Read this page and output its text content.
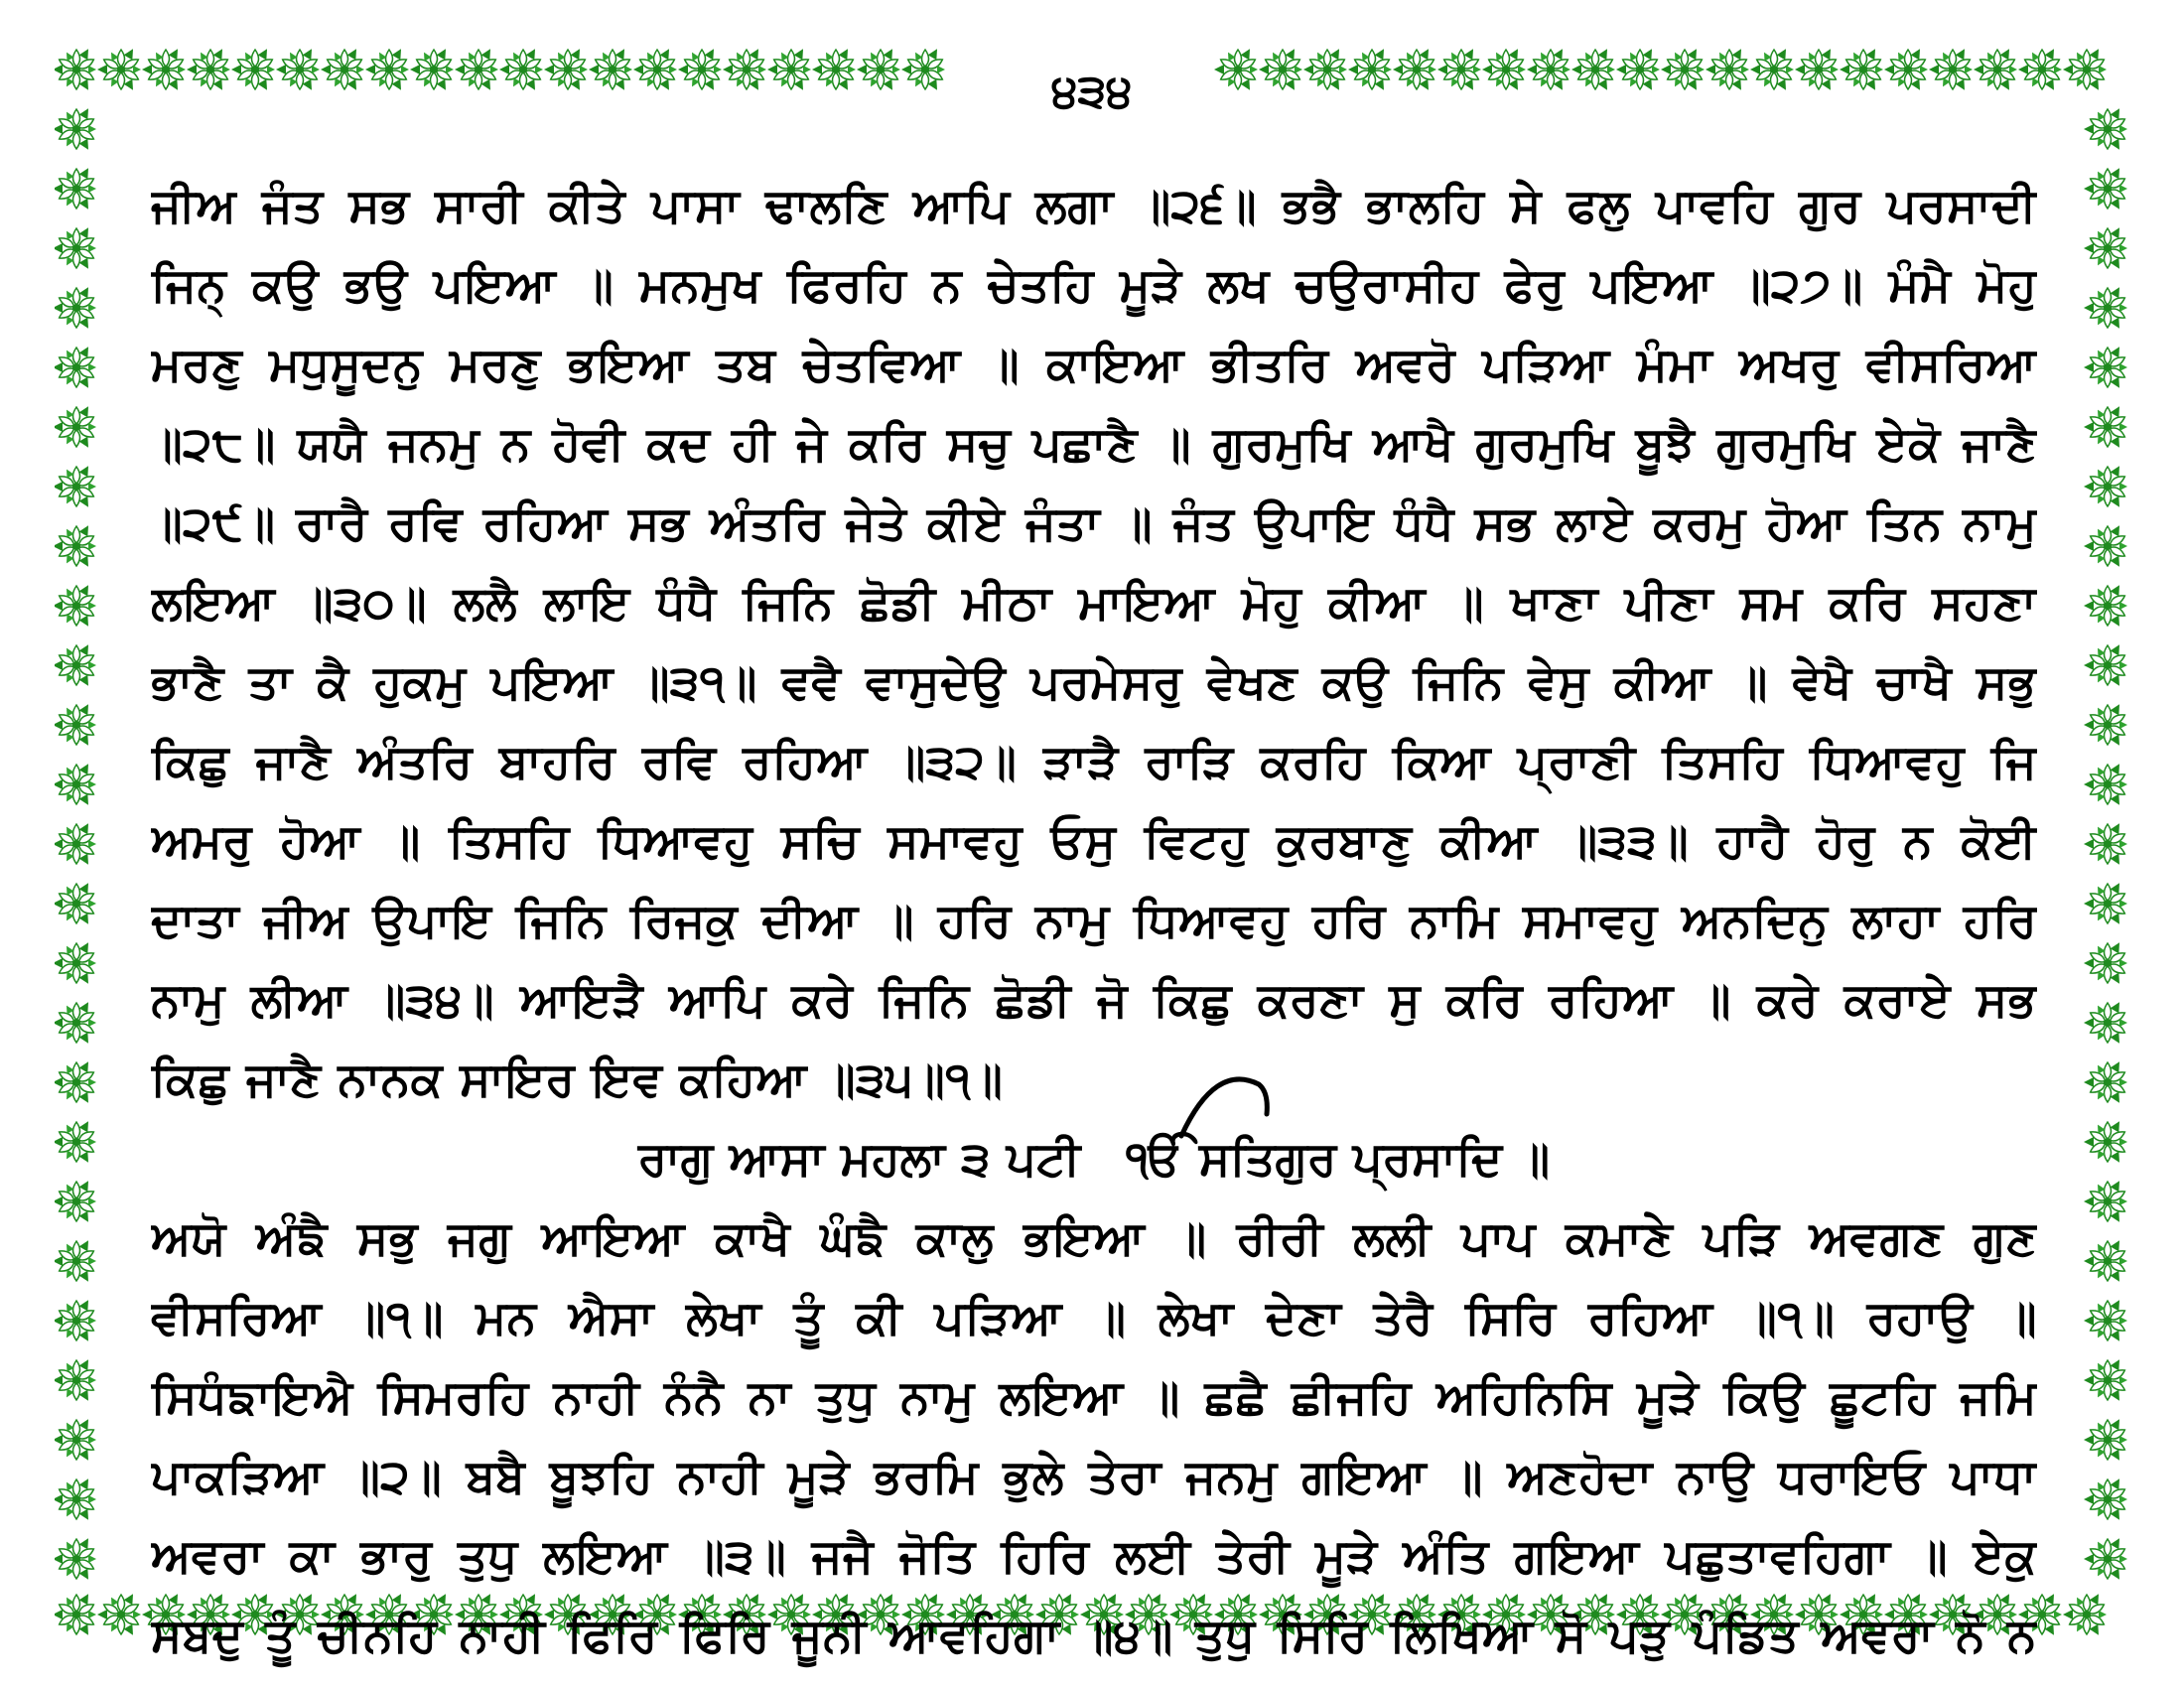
੪੩੪
ਜੀਅ ਜੰਤ ਸਭ ਸਾਰੀ ਕੀਤੇ ਪਾਸਾ ਢਾਲਣਿ ਆਪਿ ਲਗਾ ॥੨੬॥ ਭਭੈ ਭਾਲਹਿ ਸੇ ਫਲੁ ਪਾਵਹਿ ਗੁਰ ਪਰਸਾਦੀ
ਜਿਨ੍ ਕਉ ਭਉ ਪਇਆ ॥ ਮਨਮੁਖ ਫਿਰਹਿ ਨ ਚੇਤਹਿ ਮੂੜੇ ਲਖ ਚਉਰਾਸੀਹ ਫੇਰੁ ਪਇਆ ॥੨੭॥ ਮੰਮੈ ਮੋਹੁ
ਮਰਣੁ ਮਧੁਸੂਦਨੁ ਮਰਣੁ ਭਇਆ ਤਬ ਚੇਤਵਿਆ ॥ ਕਾਇਆ ਭੀਤਰਿ ਅਵਰੋ ਪੜਿਆ ਮੰਮਾ ਅਖਰੁ ਵੀਸਰਿਆ
॥੨੮॥ ਯਯੈ ਜਨਮੁ ਨ ਹੋਵੀ ਕਦ ਹੀ ਜੇ ਕਰਿ ਸਚੁ ਪਛਾਣੈ ॥ ਗੁਰਮੁਖਿ ਆਖੈ ਗੁਰਮੁਖਿ ਬੂਝੈ ਗੁਰਮੁਖਿ ਏਕੋ ਜਾਣੈ
॥੨੯॥ ਰਾਰੈ ਰਵਿ ਰਹਿਆ ਸਭ ਅੰਤਰਿ ਜੇਤੇ ਕੀਏ ਜੰਤਾ ॥ ਜੰਤ ਉਪਾਇ ਧੰਧੈ ਸਭ ਲਾਏ ਕਰਮੁ ਹੋਆ ਤਿਨ ਨਾਮੁ
ਲਇਆ ॥੩੦॥ ਲਲੈ ਲਾਇ ਧੰਧੈ ਜਿਨਿ ਛੋਡੀ ਮੀਠਾ ਮਾਇਆ ਮੋਹੁ ਕੀਆ ॥ ਖਾਣਾ ਪੀਣਾ ਸਮ ਕਰਿ ਸਹਣਾ
ਭਾਣੈ ਤਾ ਕੈ ਹੁਕਮੁ ਪਇਆ ॥੩੧॥ ਵਵੈ ਵਾਸੁਦੇਉ ਪਰਮੇਸਰੁ ਵੇਖਣ ਕਉ ਜਿਨਿ ਵੇਸੁ ਕੀਆ ॥ ਵੇਖੈ ਚਾਖੈ ਸਭੁ
ਕਿਛੁ ਜਾਣੈ ਅੰਤਰਿ ਬਾਹਰਿ ਰਵਿ ਰਹਿਆ ॥੩੨॥ ੜਾੜੈ ਰਾੜਿ ਕਰਹਿ ਕਿਆ ਪ੍ਰਾਣੀ ਤਿਸਹਿ ਧਿਆਵਹੁ ਜਿ
ਅਮਰੁ ਹੋਆ ॥ ਤਿਸਹਿ ਧਿਆਵਹੁ ਸਚਿ ਸਮਾਵਹੁ ਓਸੁ ਵਿਟਹੁ ਕੁਰਬਾਣੁ ਕੀਆ ॥੩੩॥ ਹਾਹੈ ਹੋਰੁ ਨ ਕੋਈ
ਦਾਤਾ ਜੀਅ ਉਪਾਇ ਜਿਨਿ ਰਿਜਕੁ ਦੀਆ ॥ ਹਰਿ ਨਾਮੁ ਧਿਆਵਹੁ ਹਰਿ ਨਾਮਿ ਸਮਾਵਹੁ ਅਨਦਿਨੁ ਲਾਹਾ ਹਰਿ
ਨਾਮੁ ਲੀਆ ॥੩੪॥ ਆਇੜੈ ਆਪਿ ਕਰੇ ਜਿਨਿ ਛੋਡੀ ਜੋ ਕਿਛੁ ਕਰਣਾ ਸੁ ਕਰਿ ਰਹਿਆ ॥ ਕਰੇ ਕਰਾਏ ਸਭ
ਕਿਛੁ ਜਾਣੈ ਨਾਨਕ ਸਾਇਰ ਇਵ ਕਹਿਆ ॥੩੫॥੧॥
ਰਾਗੁ ਆਸਾ ਮਹਲਾ ੩ ਪਟੀ ੴ ਸਤਿਗੁਰ ਪ੍ਰਸਾਦਿ ॥
ਅਯੋ ਅੰਙੈ ਸਭੁ ਜਗੁ ਆਇਆ ਕਾਖੈ ਘੰਙੈ ਕਾਲੁ ਭਇਆ ॥ ਰੀਰੀ ਲਲੀ ਪਾਪ ਕਮਾਣੇ ਪੜਿ ਅਵਗਣ ਗੁਣ
ਵੀਸਰਿਆ ॥੧॥ ਮਨ ਐਸਾ ਲੇਖਾ ਤੂੰ ਕੀ ਪੜਿਆ ॥ ਲੇਖਾ ਦੇਣਾ ਤੇਰੈ ਸਿਰਿ ਰਹਿਆ ॥੧॥ ਰਹਾਉ ॥
ਸਿਧੰਙਾਇਐ ਸਿਮਰਹਿ ਨਾਹੀ ਨੰਨੈ ਨਾ ਤੁਧੁ ਨਾਮੁ ਲਇਆ ॥ ਛਛੈ ਛੀਜਹਿ ਅਹਿਨਿਸਿ ਮੂੜੇ ਕਿਉ ਛੂਟਹਿ ਜਮਿ
ਪਾਕੜਿਆ ॥੨॥ ਬਬੈ ਬੂਝਹਿ ਨਾਹੀ ਮੂੜੇ ਭਰਮਿ ਭੁਲੇ ਤੇਰਾ ਜਨਮੁ ਗਇਆ ॥ ਅਣਹੋਦਾ ਨਾਉ ਧਰਾਇਓ ਪਾਧਾ
ਅਵਰਾ ਕਾ ਭਾਰੁ ਤੁਧੁ ਲਇਆ ॥੩॥ ਜਜੈ ਜੋਤਿ ਹਿਰਿ ਲਈ ਤੇਰੀ ਮੂੜੇ ਅੰਤਿ ਗਇਆ ਪਛੁਤਾਵਹਿਗਾ ॥ ਏਕੁ
ਸਬਦੁ ਤੂੰ ਚੀਨਹਿ ਨਾਹੀ ਫਿਰਿ ਫਿਰਿ ਜੂਨੀ ਆਵਹਿਗਾ ॥੪॥ ਤੁਧੁ ਸਿਰਿ ਲਿਖਿਆ ਸੋ ਪੜੁ ਪੰਡਿਤ ਅਵਰਾ ਨੋ ਨ
